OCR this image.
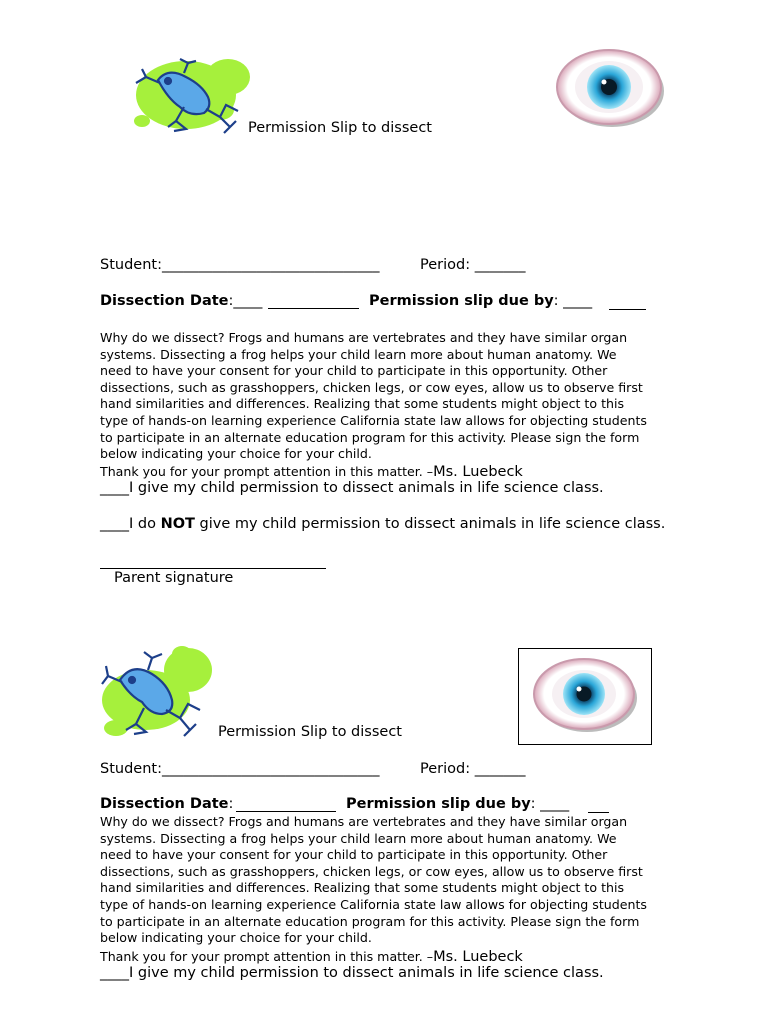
Permission Slip to dissect
Student:______________________________	Period: _______
Dissection Date:____	Permission slip due by: ____
Why do we dissect? Frogs and humans are vertebrates and they have similar organ
systems. Dissecting a frog helps your child learn more about human anatomy. We
need to have your consent for your child to participate in this opportunity. Other
dissections, such as grasshoppers, chicken legs, or cow eyes, allow us to observe first
hand similarities and differences. Realizing that some students might object to this
type of hands-on learning experience California state law allows for objecting students
to participate in an alternate education program for this activity. Please sign the form
below indicating your choice for your child.
Thank you for your prompt attention in this matter. –Ms. Luebeck
____I give my child permission to dissect animals in life science class.
____I do NOT give my child permission to dissect animals in life science class.
Parent signature
Permission Slip to dissect
Student:______________________________	Period: _______
Dissection Date:	Permission slip due by: ____
Why do we dissect? Frogs and humans are vertebrates and they have similar organ
systems. Dissecting a frog helps your child learn more about human anatomy. We
need to have your consent for your child to participate in this opportunity. Other
dissections, such as grasshoppers, chicken legs, or cow eyes, allow us to observe first
hand similarities and differences. Realizing that some students might object to this
type of hands-on learning experience California state law allows for objecting students
to participate in an alternate education program for this activity. Please sign the form
below indicating your choice for your child.
Thank you for your prompt attention in this matter. –Ms. Luebeck
____I give my child permission to dissect animals in life science class.
